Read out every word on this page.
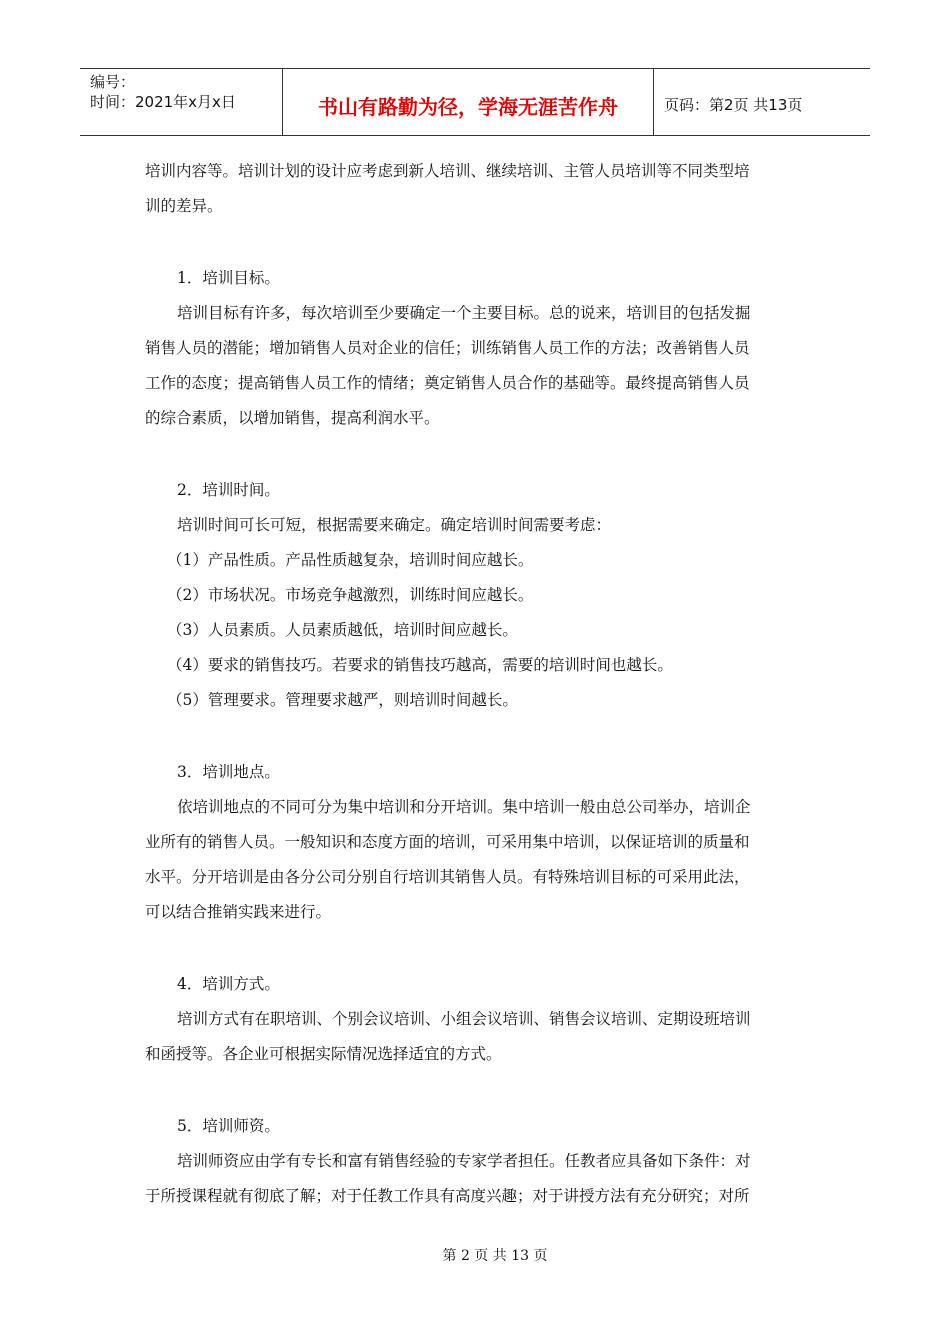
编号：
时间：2021年x月x日	书山有路勤为径，学海无涯苦作舟	页码：第2页 共13页

培训内容等。培训计划的设计应考虑到新人培训、继续培训、主管人员培训等不同类型培

训的差异。

1．培训目标。

培训目标有许多，每次培训至少要确定一个主要目标。总的说来，培训目的包括发掘

销售人员的潜能；增加销售人员对企业的信任；训练销售人员工作的方法；改善销售人员

工作的态度；提高销售人员工作的情绪；奠定销售人员合作的基础等。最终提高销售人员

的综合素质，以增加销售，提高利润水平。

2．培训时间。

培训时间可长可短，根据需要来确定。确定培训时间需要考虑：

（1）产品性质。产品性质越复杂，培训时间应越长。

（2）市场状况。市场竞争越激烈，训练时间应越长。

（3）人员素质。人员素质越低，培训时间应越长。

（4）要求的销售技巧。若要求的销售技巧越高，需要的培训时间也越长。

（5）管理要求。管理要求越严，则培训时间越长。

3．培训地点。

依培训地点的不同可分为集中培训和分开培训。集中培训一般由总公司举办，培训企

业所有的销售人员。一般知识和态度方面的培训，可采用集中培训，以保证培训的质量和

水平。分开培训是由各分公司分别自行培训其销售人员。有特殊培训目标的可采用此法，

可以结合推销实践来进行。

4．培训方式。

培训方式有在职培训、个别会议培训、小组会议培训、销售会议培训、定期设班培训

和函授等。各企业可根据实际情况选择适宜的方式。

5．培训师资。

培训师资应由学有专长和富有销售经验的专家学者担任。任教者应具备如下条件：对

于所授课程就有彻底了解；对于任教工作具有高度兴趣；对于讲授方法有充分研究；对所

第 2 页 共 13 页
